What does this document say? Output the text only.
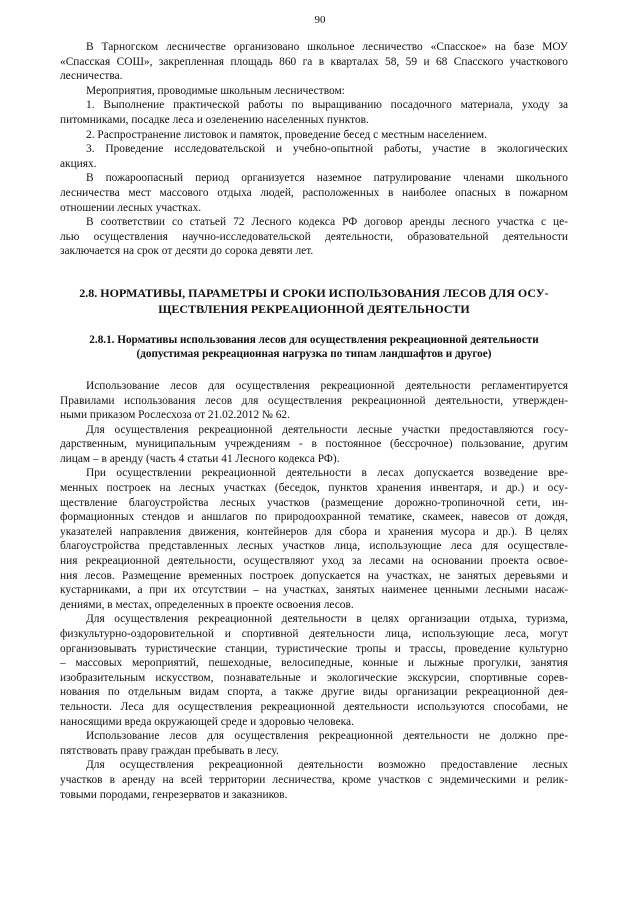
90
В Тарногском лесничестве организовано школьное лесничество «Спасское» на базе МОУ
«Спасская СОШ», закрепленная площадь 860 га в кварталах 58, 59 и 68 Спасского участкового
лесничества.
Мероприятия, проводимые школьным лесничеством:
1. Выполнение практической работы по выращиванию посадочного материала, уходу за
питомниками, посадке леса и озеленению населенных пунктов.
2. Распространение листовок и памяток, проведение бесед с местным населением.
3. Проведение исследовательской и учебно-опытной работы, участие в экологических
акциях.
В пожароопасный период организуется наземное патрулирование членами школьного
лесничества мест массового отдыха людей, расположенных в наиболее опасных в пожарном
отношении лесных участках.
В соответствии со статьей 72 Лесного кодекса РФ договор аренды лесного участка с це-
лью осуществления научно-исследовательской деятельности, образовательной деятельности
заключается на срок от десяти до сорока девяти лет.
2.8. НОРМАТИВЫ, ПАРАМЕТРЫ И СРОКИ ИСПОЛЬЗОВАНИЯ ЛЕСОВ ДЛЯ ОСУ-
ЩЕСТВЛЕНИЯ РЕКРЕАЦИОННОЙ ДЕЯТЕЛЬНОСТИ
2.8.1. Нормативы использования лесов для осуществления рекреационной деятельности
(допустимая рекреационная нагрузка по типам ландшафтов и другое)
Использование лесов для осуществления рекреационной деятельности регламентируется
Правилами использования лесов для осуществления рекреационной деятельности, утвержден-
ными приказом Рослесхоза от 21.02.2012 № 62.
Для осуществления рекреационной деятельности лесные участки предоставляются госу-
дарственным, муниципальным учреждениям - в постоянное (бессрочное) пользование, другим
лицам – в аренду (часть 4 статьи 41 Лесного кодекса РФ).
При осуществлении рекреационной деятельности в лесах допускается возведение вре-
менных построек на лесных участках (беседок, пунктов хранения инвентаря, и др.) и осу-
ществление благоустройства лесных участков (размещение дорожно-тропиночной сети, ин-
формационных стендов и аншлагов по природоохранной тематике, скамеек, навесов от дождя,
указателей направления движения, контейнеров для сбора и хранения мусора и др.). В целях
благоустройства представленных лесных участков лица, использующие леса для осуществле-
ния рекреационной деятельности, осуществляют уход за лесами на основании проекта освое-
ния лесов. Размещение временных построек допускается на участках, не занятых деревьями и
кустарниками, а при их отсутствии – на участках, занятых наименее ценными лесными насаж-
дениями, в местах, определенных в проекте освоения лесов.
Для осуществления рекреационной деятельности в целях организации отдыха, туризма,
физкультурно-оздоровительной и спортивной деятельности лица, использующие леса, могут
организовывать туристические станции, туристические тропы и трассы, проведение культурно
– массовых мероприятий, пешеходные, велосипедные, конные и лыжные прогулки, занятия
изобразительным искусством, познавательные и экологические экскурсии, спортивные сорев-
нования по отдельным видам спорта, а также другие виды организации рекреационной дея-
тельности. Леса для осуществления рекреационной деятельности используются способами, не
наносящими вреда окружающей среде и здоровью человека.
Использование лесов для осуществления рекреационной деятельности не должно пре-
пятствовать праву граждан пребывать в лесу.
Для осуществления рекреационной деятельности возможно предоставление лесных
участков в аренду на всей территории лесничества, кроме участков с эндемическими и релик-
товыми породами, генрезерватов и заказников.
